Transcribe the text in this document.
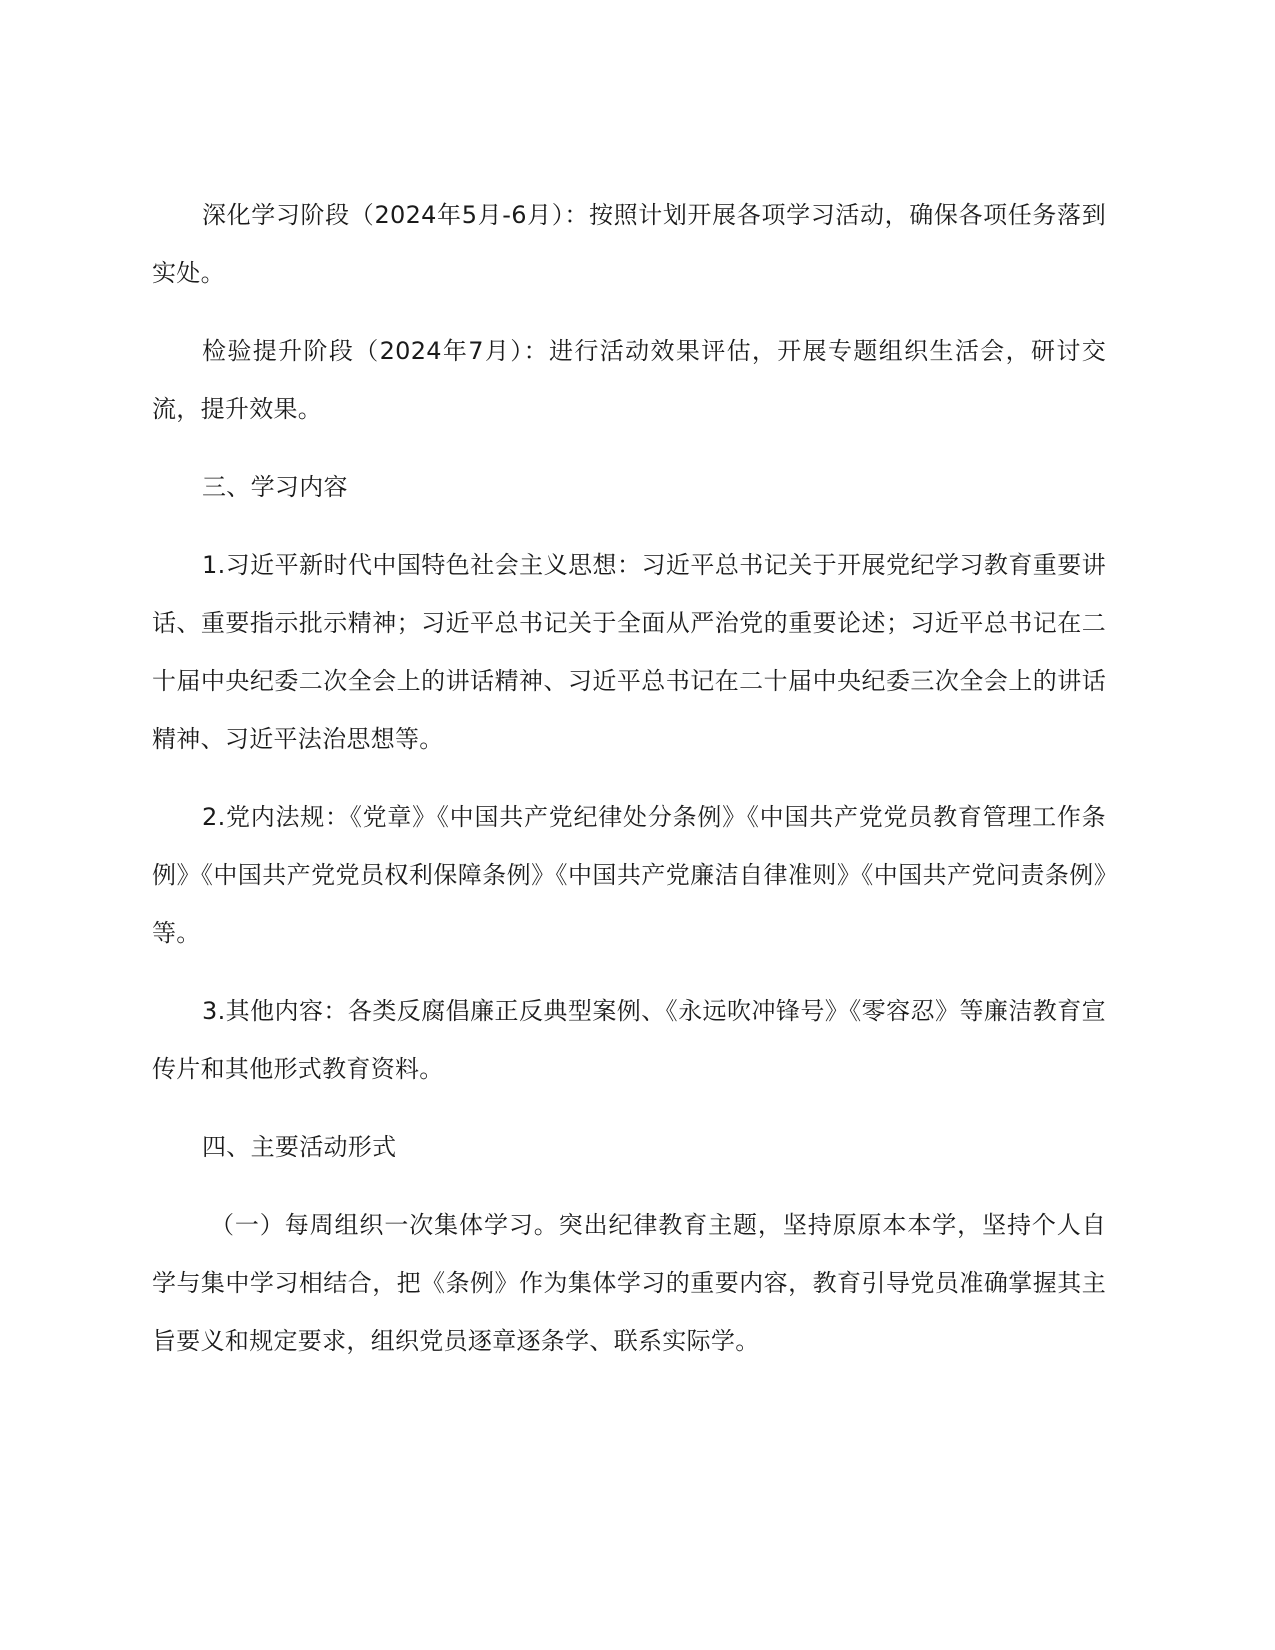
深化学习阶段（2024年5月-6月）：按照计划开展各项学习活动，确保各项任务落到实处。

检验提升阶段（2024年7月）：进行活动效果评估，开展专题组织生活会，研讨交流，提升效果。

三、学习内容

1.习近平新时代中国特色社会主义思想：习近平总书记关于开展党纪学习教育重要讲话、重要指示批示精神；习近平总书记关于全面从严治党的重要论述；习近平总书记在二十届中央纪委二次全会上的讲话精神、习近平总书记在二十届中央纪委三次全会上的讲话精神、习近平法治思想等。

2.党内法规：《党章》《中国共产党纪律处分条例》《中国共产党党员教育管理工作条例》《中国共产党党员权利保障条例》《中国共产党廉洁自律准则》《中国共产党问责条例》等。

3.其他内容：各类反腐倡廉正反典型案例、《永远吹冲锋号》《零容忍》等廉洁教育宣传片和其他形式教育资料。

四、主要活动形式

（一）每周组织一次集体学习。突出纪律教育主题，坚持原原本本学，坚持个人自学与集中学习相结合，把《条例》作为集体学习的重要内容，教育引导党员准确掌握其主旨要义和规定要求，组织党员逐章逐条学、联系实际学。
